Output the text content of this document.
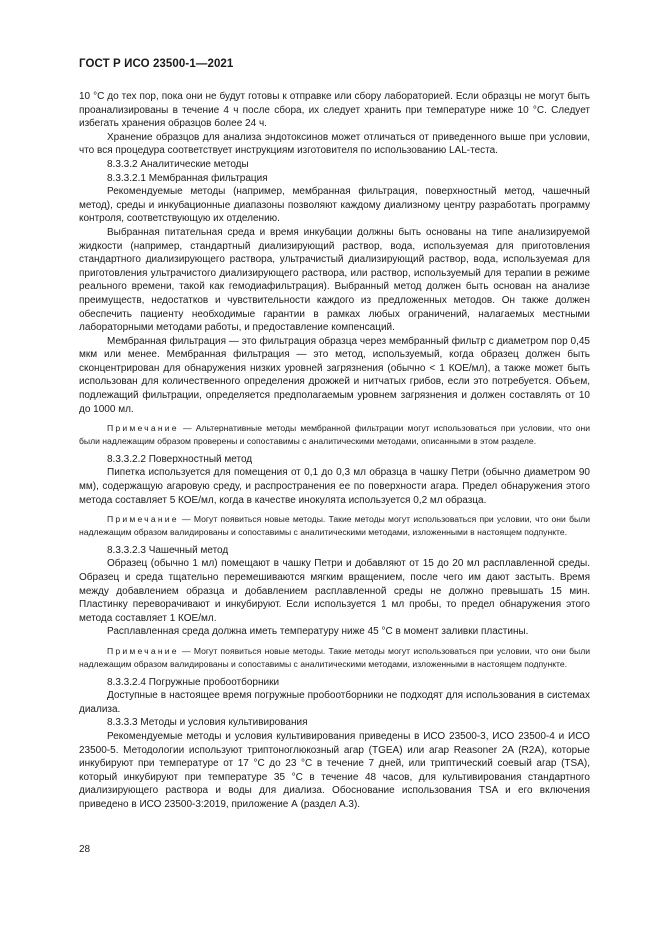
ГОСТ Р ИСО 23500-1—2021

10 °C до тех пор, пока они не будут готовы к отправке или сбору лабораторией. Если образцы не могут быть проанализированы в течение 4 ч после сбора, их следует хранить при температуре ниже 10 °C. Следует избегать хранения образцов более 24 ч.

Хранение образцов для анализа эндотоксинов может отличаться от приведенного выше при условии, что вся процедура соответствует инструкциям изготовителя по использованию LAL-теста.

8.3.3.2 Аналитические методы

8.3.3.2.1 Мембранная фильтрация

Рекомендуемые методы (например, мембранная фильтрация, поверхностный метод, чашечный метод), среды и инкубационные диапазоны позволяют каждому диализному центру разработать программу контроля, соответствующую их отделению.

Выбранная питательная среда и время инкубации должны быть основаны на типе анализируемой жидкости (например, стандартный диализирующий раствор, вода, используемая для приготовления стандартного диализирующего раствора, ультрачистый диализирующий раствор, вода, используемая для приготовления ультрачистого диализирующего раствора, или раствор, используемый для терапии в режиме реального времени, такой как гемодиафильтрация). Выбранный метод должен быть основан на анализе преимуществ, недостатков и чувствительности каждого из предложенных методов. Он также должен обеспечить пациенту необходимые гарантии в рамках любых ограничений, налагаемых местными лабораторными методами работы, и предоставление компенсаций.

Мембранная фильтрация — это фильтрация образца через мембранный фильтр с диаметром пор 0,45 мкм или менее. Мембранная фильтрация — это метод, используемый, когда образец должен быть сконцентрирован для обнаружения низких уровней загрязнения (обычно < 1 КОЕ/мл), а также может быть использован для количественного определения дрожжей и нитчатых грибов, если это потребуется. Объем, подлежащий фильтрации, определяется предполагаемым уровнем загрязнения и должен составлять от 10 до 1000 мл.

Примечание — Альтернативные методы мембранной фильтрации могут использоваться при условии, что они были надлежащим образом проверены и сопоставимы с аналитическими методами, описанными в этом разделе.

8.3.3.2.2 Поверхностный метод

Пипетка используется для помещения от 0,1 до 0,3 мл образца в чашку Петри (обычно диаметром 90 мм), содержащую агаровую среду, и распространения ее по поверхности агара. Предел обнаружения этого метода составляет 5 КОЕ/мл, когда в качестве инокулята используется 0,2 мл образца.

Примечание — Могут появиться новые методы. Такие методы могут использоваться при условии, что они были надлежащим образом валидированы и сопоставимы с аналитическими методами, изложенными в настоящем подпункте.

8.3.3.2.3 Чашечный метод

Образец (обычно 1 мл) помещают в чашку Петри и добавляют от 15 до 20 мл расплавленной среды. Образец и среда тщательно перемешиваются мягким вращением, после чего им дают застыть. Время между добавлением образца и добавлением расплавленной среды не должно превышать 15 мин. Пластинку переворачивают и инкубируют. Если используется 1 мл пробы, то предел обнаружения этого метода составляет 1 КОЕ/мл.

Расплавленная среда должна иметь температуру ниже 45 °C в момент заливки пластины.

Примечание — Могут появиться новые методы. Такие методы могут использоваться при условии, что они были надлежащим образом валидированы и сопоставимы с аналитическими методами, изложенными в настоящем подпункте.

8.3.3.2.4 Погружные пробоотборники

Доступные в настоящее время погружные пробоотборники не подходят для использования в системах диализа.

8.3.3.3 Методы и условия культивирования

Рекомендуемые методы и условия культивирования приведены в ИСО 23500-3, ИСО 23500-4 и ИСО 23500-5. Методологии используют триптоноглюкозный агар (TGEA) или агар Reasoner 2A (R2A), которые инкубируют при температуре от 17 °C до 23 °C в течение 7 дней, или триптический соевый агар (TSA), который инкубируют при температуре 35 °C в течение 48 часов, для культивирования стандартного диализирующего раствора и воды для диализа. Обоснование использования TSA и его включения приведено в ИСО 23500-3:2019, приложение А (раздел А.3).

28
